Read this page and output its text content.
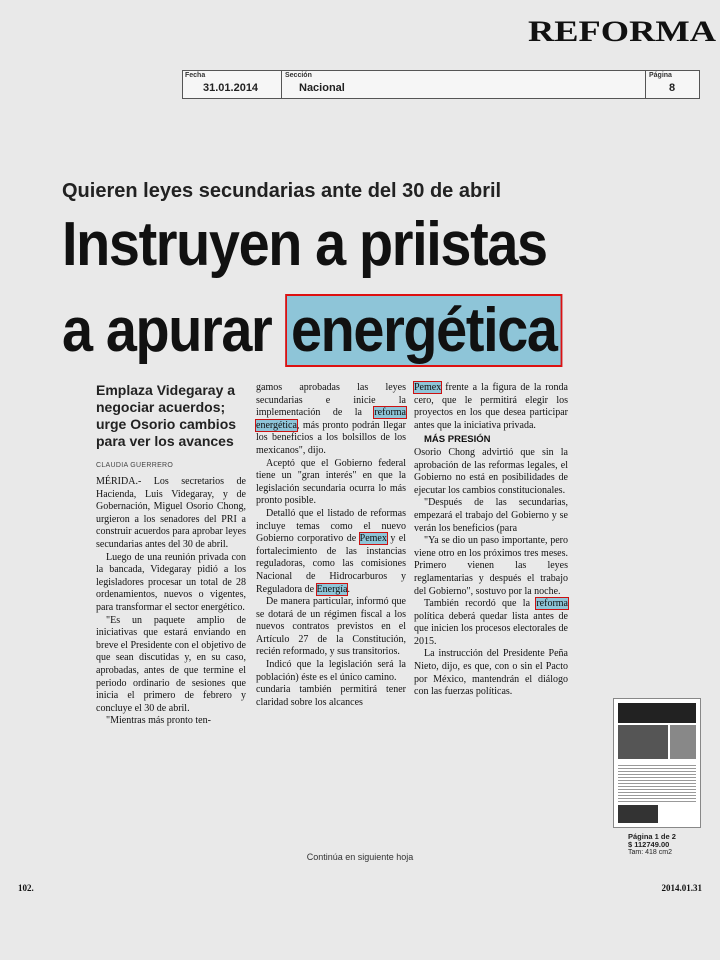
REFORMA
Fecha
31.01.2014
Sección
Nacional
Página
8
Quieren leyes secundarias ante del 30 de abril
Instruyen a priistas
a apurar energética
Emplaza Videgaray a negociar acuerdos; urge Osorio cambios para ver los avances
CLAUDIA GUERRERO

MÉRIDA.- Los secretarios de Hacienda, Luis Videgaray, y de Gobernación, Miguel Osorio Chong, urgieron a los senadores del PRI a construir acuerdos para aprobar leyes secundarias antes del 30 de abril.

Luego de una reunión privada con la bancada, Videgaray pidió a los legisladores procesar un total de 28 ordenamientos, nuevos o vigentes, para transformar el sector energético.

"Es un paquete amplio de iniciativas que estará enviando en breve el Presidente con el objetivo de que sean discutidas y, en su caso, aprobadas, antes de que termine el periodo ordinario de sesiones que inicia el primero de febrero y concluye el 30 de abril.

"Mientras más pronto ten-

gamos aprobadas las leyes secundarias e inicie la implementación de la reforma energética, más pronto podrán llegar los beneficios a los bolsillos de los mexicanos", dijo.

Aceptó que el Gobierno federal tiene un "gran interés" en que la legislación secundaria ocurra lo más pronto posible.

Detalló que el listado de reformas incluye temas como el nuevo Gobierno corporativo de Pemex y el fortalecimiento de las instancias reguladoras, como las comisiones Nacional de Hidrocarburos y Reguladora de Energía.

De manera particular, informó que se dotará de un régimen fiscal a los nuevos contratos previstos en el Artículo 27 de la Constitución, recién reformado, y sus transitorios.

Indicó que la legislación será la población) éste es el único camino.

cundaria también permitirá tener claridad sobre los alcances

Pemex frente a la figura de la ronda cero, que le permitirá elegir los proyectos en los que desea participar antes que la iniciativa privada.

MÁS PRESIÓN

Osorio Chong advirtió que sin la aprobación de las reformas legales, el Gobierno no está en posibilidades de ejecutar los cambios constitucionales.

"Después de las secundarias, empezará el trabajo del Gobierno y se verán los beneficios (para

"Ya se dio un paso importante, pero viene otro en los próximos tres meses. Primero vienen las leyes reglamentarias y después el trabajo del Gobierno", sostuvo por la noche.

También recordó que la reforma política deberá quedar lista antes de que inicien los procesos electorales de 2015.

La instrucción del Presidente Peña Nieto, dijo, es que, con o sin el Pacto por México, mantendrán el diálogo con las fuerzas políticas.

Página 1 de 2
$ 112749.00
Tam: 418 cm2
Continúa en siguiente hoja
102.	2014.01.31
